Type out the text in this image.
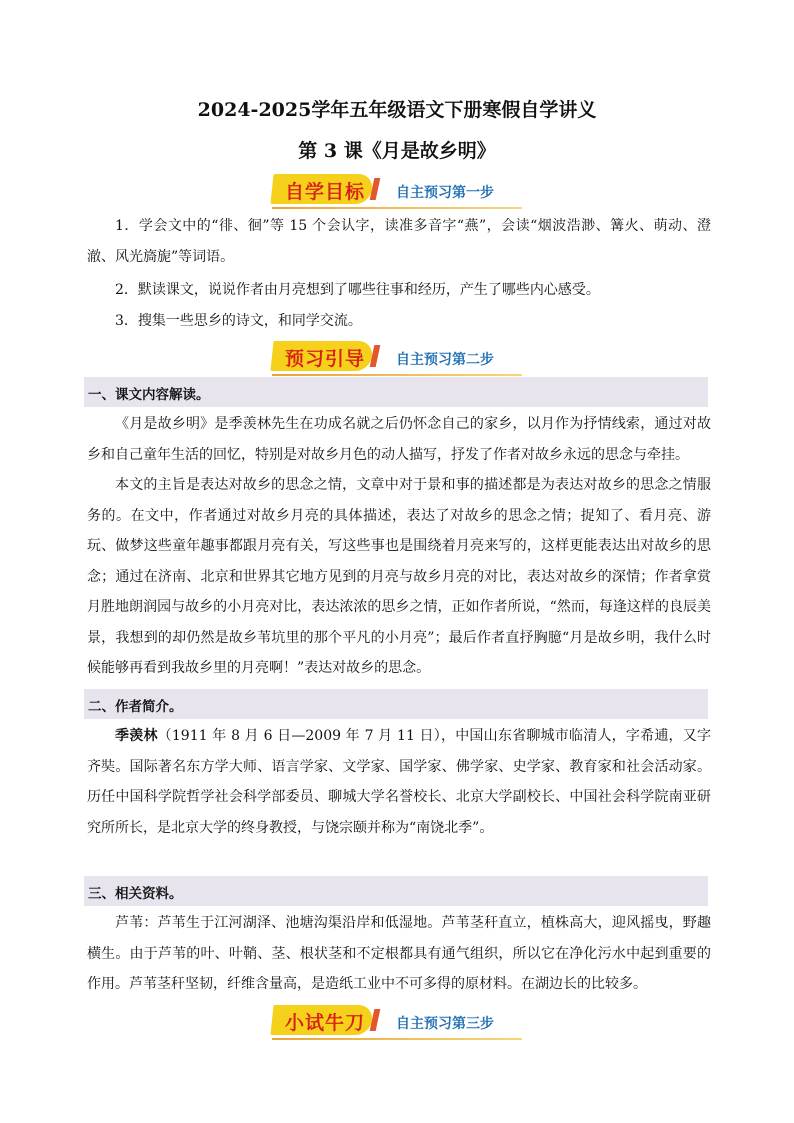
2024-2025学年五年级语文下册寒假自学讲义
第 3 课《月是故乡明》
自学目标 自主预习第一步
1．学会文中的“徘、徊”等 15 个会认字，读准多音字“燕”，会读“烟波浩渺、篝火、萌动、澄澈、风光旖旎”等词语。
2．默读课文，说说作者由月亮想到了哪些往事和经历，产生了哪些内心感受。
3．搜集一些思乡的诗文，和同学交流。
预习引导 自主预习第二步
一、课文内容解读。
《月是故乡明》是季羡林先生在功成名就之后仍怀念自己的家乡，以月作为抒情线索，通过对故乡和自己童年生活的回忆，特别是对故乡月色的动人描写，抒发了作者对故乡永远的思念与牵挂。
本文的主旨是表达对故乡的思念之情，文章中对于景和事的描述都是为表达对故乡的思念之情服务的。在文中，作者通过对故乡月亮的具体描述，表达了对故乡的思念之情；捉知了、看月亮、游玩、做梦这些童年趣事都跟月亮有关，写这些事也是围绕着月亮来写的，这样更能表达出对故乡的思念；通过在济南、北京和世界其它地方见到的月亮与故乡月亮的对比，表达对故乡的深情；作者拿赏月胜地朗润园与故乡的小月亮对比，表达浓浓的思乡之情，正如作者所说，“然而，每逢这样的良辰美景，我想到的却仍然是故乡苇坑里的那个平凡的小月亮”；最后作者直抒胸臆“月是故乡明，我什么时候能够再看到我故乡里的月亮啊！”表达对故乡的思念。
二、作者简介。
季羡林（1911 年 8 月 6 日—2009 年 7 月 11 日），中国山东省聊城市临清人，字希逋，又字齐奘。国际著名东方学大师、语言学家、文学家、国学家、佛学家、史学家、教育家和社会活动家。历任中国科学院哲学社会科学部委员、聊城大学名誉校长、北京大学副校长、中国社会科学院南亚研究所所长，是北京大学的终身教授，与饶宗颐并称为“南饶北季”。
三、相关资料。
芦苇：芦苇生于江河湖泽、池塘沟渠沿岸和低湿地。芦苇茎秆直立，植株高大，迎风摇曳，野趣横生。由于芦苇的叶、叶鞘、茎、根状茎和不定根都具有通气组织，所以它在净化污水中起到重要的作用。芦苇茎秆坚韧，纤维含量高，是造纸工业中不可多得的原材料。在湖边长的比较多。
小试牛刀 自主预习第三步
